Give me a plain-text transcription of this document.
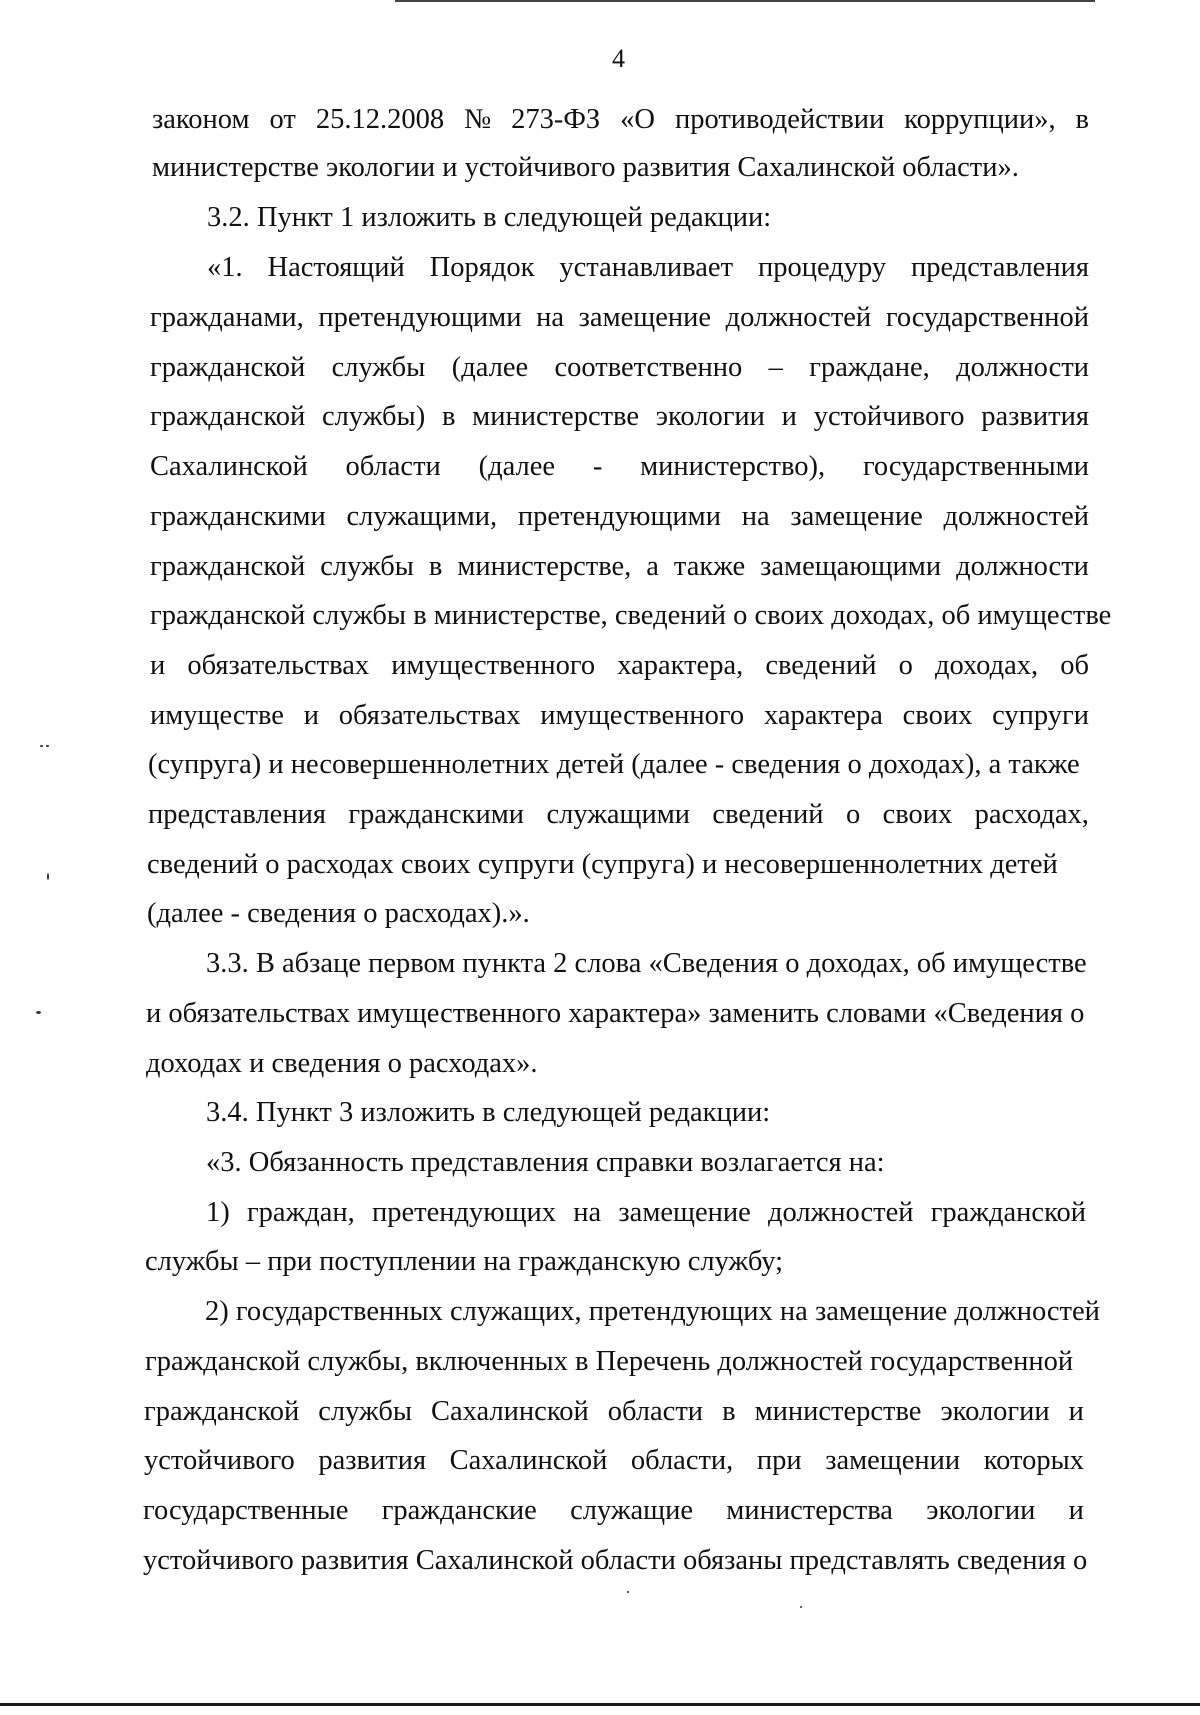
4
законом от 25.12.2008 № 273-ФЗ «О противодействии коррупции», в
министерстве экологии и устойчивого развития Сахалинской области».
3.2. Пункт 1 изложить в следующей редакции:
«1. Настоящий Порядок устанавливает процедуру представления
гражданами, претендующими на замещение должностей государственной
гражданской службы (далее соответственно – граждане, должности
гражданской службы) в министерстве экологии и устойчивого развития
Сахалинской области (далее - министерство), государственными
гражданскими служащими, претендующими на замещение должностей
гражданской службы в министерстве, а также замещающими должности
гражданской службы в министерстве, сведений о своих доходах, об имуществе
и обязательствах имущественного характера, сведений о доходах, об
имуществе и обязательствах имущественного характера своих супруги
(супруга) и несовершеннолетних детей (далее - сведения о доходах), а также
представления гражданскими служащими сведений о своих расходах,
сведений о расходах своих супруги (супруга) и несовершеннолетних детей
(далее - сведения о расходах).».
3.3. В абзаце первом пункта 2 слова «Сведения о доходах, об имуществе
и обязательствах имущественного характера» заменить словами «Сведения о
доходах и сведения о расходах».
3.4. Пункт 3 изложить в следующей редакции:
«3. Обязанность представления справки возлагается на:
1) граждан, претендующих на замещение должностей гражданской
службы – при поступлении на гражданскую службу;
2) государственных служащих, претендующих на замещение должностей
гражданской службы, включенных в Перечень должностей государственной
гражданской службы Сахалинской области в министерстве экологии и
устойчивого развития Сахалинской области, при замещении которых
государственные гражданские служащие министерства экологии и
устойчивого развития Сахалинской области обязаны представлять сведения о
